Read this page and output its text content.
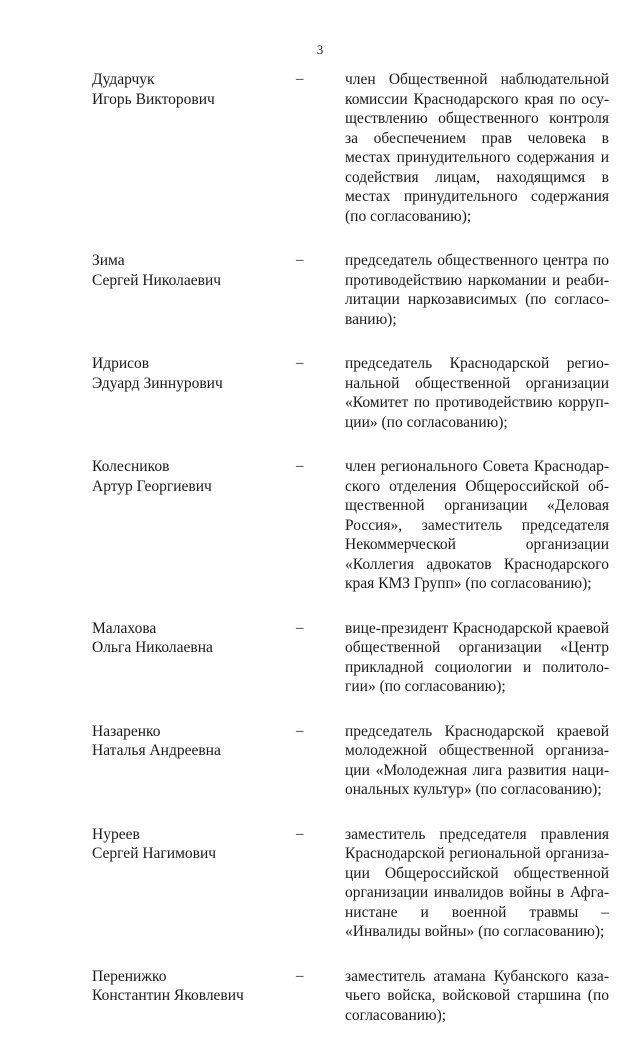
3
Дударчук
Игорь Викторович
–	член Общественной наблюдательной комиссии Краснодарского края по осуществлению общественного контроля за обеспечением прав человека в местах принудительного содержания и содействия лицам, находящимся в местах принудительного содержания (по согласованию);
Зима
Сергей Николаевич
–	председатель общественного центра по противодействию наркомании и реабилитации наркозависимых (по согласованию);
Идрисов
Эдуард Зиннурович
–	председатель Краснодарской региональной общественной организации «Комитет по противодействию коррупции» (по согласованию);
Колесников
Артур Георгиевич
–	член регионального Совета Краснодарского отделения Общероссийской общественной организации «Деловая Россия», заместитель председателя Некоммерческой организации «Коллегия адвокатов Краснодарского края КМЗ Групп» (по согласованию);
Малахова
Ольга Николаевна
–	вице-президент Краснодарской краевой общественной организации «Центр прикладной социологии и политологии» (по согласованию);
Назаренко
Наталья Андреевна
–	председатель Краснодарской краевой молодежной общественной организации «Молодежная лига развития национальных культур» (по согласованию);
Нуреев
Сергей Нагимович
–	заместитель председателя правления Краснодарской региональной организации Общероссийской общественной организации инвалидов войны в Афганистане и военной травмы – «Инвалиды войны» (по согласованию);
Перенижко
Константин Яковлевич
–	заместитель атамана Кубанского казачьего войска, войсковой старшина (по согласованию);
